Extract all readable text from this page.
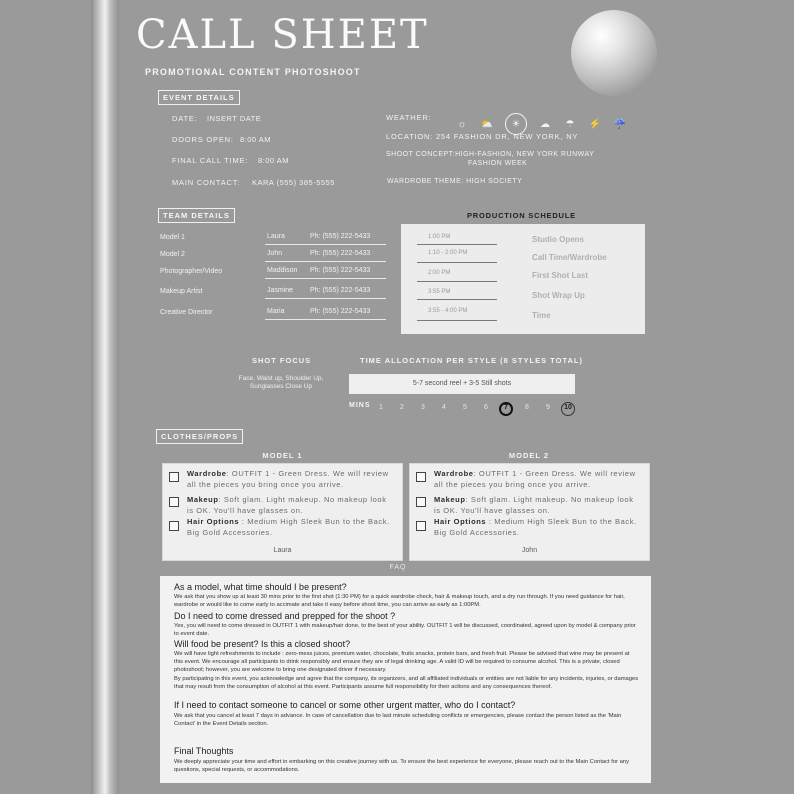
CALL SHEET
PROMOTIONAL CONTENT PHOTOSHOOT
EVENT DETAILS
DATE: INSERT DATE
DOORS OPEN: 8:00 AM
FINAL CALL TIME: 8:00 AM
MAIN CONTACT: KARA (555) 385-5555
WEATHER:
☼ ⛅	☀	☁ ☂ ⚡ ☔
LOCATION: 254 FASHION DR, NEW YORK, NY
SHOOT CONCEPT:HIGH-FASHION, NEW YORK RUNWAY
FASHION WEEK
WARDROBE THEME: HIGH SOCIETY
TEAM DETAILS
Model 1	Laura	Ph: (555) 222-5433
Model 2	John	Ph: (555) 222-5433
Photographer/Video	Maddison Ph: (555) 222-5433
Makeup Artist	Jasmine Ph: (555) 222-5433
Creative Director	Maria	Ph: (555) 222-5433
PRODUCTION SCHEDULE
1:00 PM	Studio Opens
1:10 - 2:00 PM	Call Time/Wardrobe
2:00 PM	First Shot Last
3:55 PM	Shot Wrap Up
3:55 - 4:00 PM	Time
SHOT FOCUS
Face, Waist up, Shoulder Up,
Sunglasses Close Up
TIME ALLOCATION PER STYLE (8 STYLES TOTAL)
5-7 second reel + 3-5 Still shots
MINS	1	2	3	4	5	6	7	8	9	10
CLOTHES/PROPS
MODEL 1	MODEL 2
Wardrobe: OUTFIT 1 - Green Dress. We will review all the pieces you bring once you arrive.
Makeup: Soft glam. Light makeup. No makeup look is OK. You'll have glasses on.
Hair Options : Medium High Sleek Bun to the Back. Big Gold Accessories.
Laura
Wardrobe: OUTFIT 1 - Green Dress. We will review all the pieces you bring once you arrive.
Makeup: Soft glam. Light makeup. No makeup look is OK. You'll have glasses on.
Hair Options : Medium High Sleek Bun to the Back. Big Gold Accessories.
John
FAQ
As a model, what time should I be present?
We ask that you show up at least 30 mins prior to the first shot (1:30 PM) for a quick wardrobe check, hair & makeup touch, and a dry run through. If you need guidance for hair, wardrobe or would like to come early to accimate and take it easy before shoot time, you can arrive as early as 1:00PM.
Do I need to come dressed and prepped for the shoot ?
Yes, you will need to come dressed in OUTFIT 1 with makeup/hair done, to the best of your ability. OUTFIT 1 will be discussed, coordinated, agreed upon by model & company prior to event date.
Will food be present? Is this a closed shoot?
We will have light refreshments to include : zero-mess juices, premium water, chocolate, fruits snacks, protein bars, and fresh fruit. Please be advised that wine may be present at this event. We encourage all participants to drink responsibly and ensure they are of legal drinking age. A valid ID will be required to consume alcohol. This is a private, closed photoshoot; however, you are welcome to bring one designated driver if necessary.
By participating in this event, you acknowledge and agree that the company, its organizers, and all affiliated individuals or entities are not liable for any incidents, injuries, or damages that may result from the consumption of alcohol at this event. Participants assume full responsibility for their actions and any consequences thereof.
If I need to contact someone to cancel or some other urgent matter, who do I contact?
We ask that you cancel at least 7 days in advance. In case of cancellation due to last minute scheduling conflicts or emergencies, please contact the person listed as the 'Main Contact' in the Event Details section.
Final Thoughts
We deeply appreciate your time and effort in embarking on this creative journey with us. To ensure the best experience for everyone, please reach out to the Main Contact for any questions, special requests, or accommodations.
